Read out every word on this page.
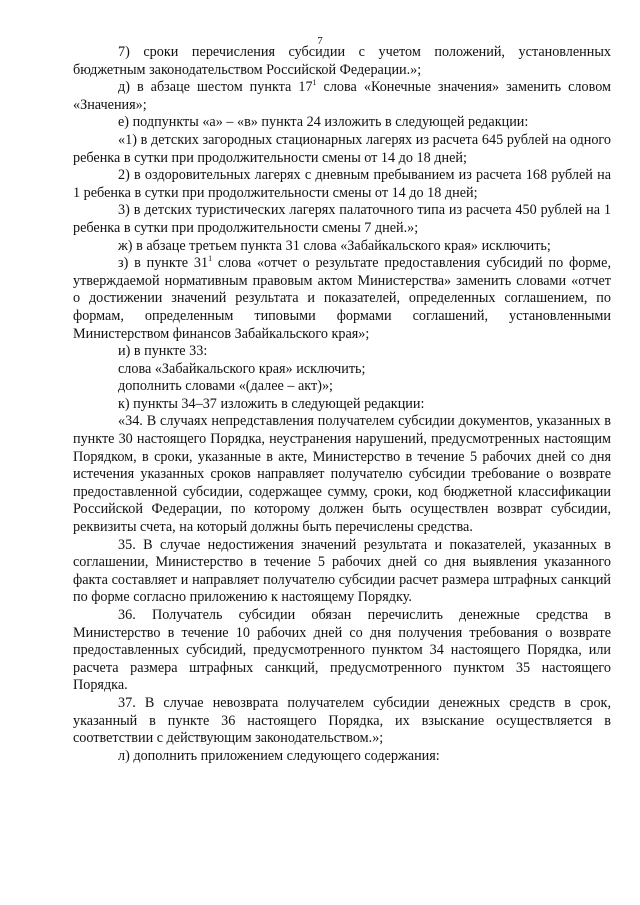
7

7) сроки перечисления субсидии с учетом положений, установленных бюджетным законодательством Российской Федерации.»;

д) в абзаце шестом пункта $17^1$ слова «Конечные значения» заменить словом «Значения»;

е) подпункты «а» – «в» пункта 24 изложить в следующей редакции:

«1) в детских загородных стационарных лагерях из расчета 645 рублей на одного ребенка в сутки при продолжительности смены от 14 до 18 дней;

2) в оздоровительных лагерях с дневным пребыванием из расчета 168 рублей на 1 ребенка в сутки при продолжительности смены от 14 до 18 дней;

3) в детских туристических лагерях палаточного типа из расчета 450 рублей на 1 ребенка в сутки при продолжительности смены 7 дней.»;

ж) в абзаце третьем пункта 31 слова «Забайкальского края» исключить;

з) в пункте $31^1$ слова «отчет о результате предоставления субсидий по форме, утверждаемой нормативным правовым актом Министерства» заменить словами «отчет о достижении значений результата и показателей, определенных соглашением, по формам, определенным типовыми формами соглашений, установленными Министерством финансов Забайкальского края»;

и) в пункте 33:

слова «Забайкальского края» исключить;

дополнить словами «(далее – акт)»;

к) пункты 34–37 изложить в следующей редакции:

«34. В случаях непредставления получателем субсидии документов, указанных в пункте 30 настоящего Порядка, неустранения нарушений, предусмотренных настоящим Порядком, в сроки, указанные в акте, Министерство в течение 5 рабочих дней со дня истечения указанных сроков направляет получателю субсидии требование о возврате предоставленной субсидии, содержащее сумму, сроки, код бюджетной классификации Российской Федерации, по которому должен быть осуществлен возврат субсидии, реквизиты счета, на который должны быть перечислены средства.

35. В случае недостижения значений результата и показателей, указанных в соглашении, Министерство в течение 5 рабочих дней со дня выявления указанного факта составляет и направляет получателю субсидии расчет размера штрафных санкций по форме согласно приложению к настоящему Порядку.

36. Получатель субсидии обязан перечислить денежные средства в Министерство в течение 10 рабочих дней со дня получения требования о возврате предоставленных субсидий, предусмотренного пунктом 34 настоящего Порядка, или расчета размера штрафных санкций, предусмотренного пунктом 35 настоящего Порядка.

37. В случае невозврата получателем субсидии денежных средств в срок, указанный в пункте 36 настоящего Порядка, их взыскание осуществляется в соответствии с действующим законодательством.»;

л) дополнить приложением следующего содержания:
